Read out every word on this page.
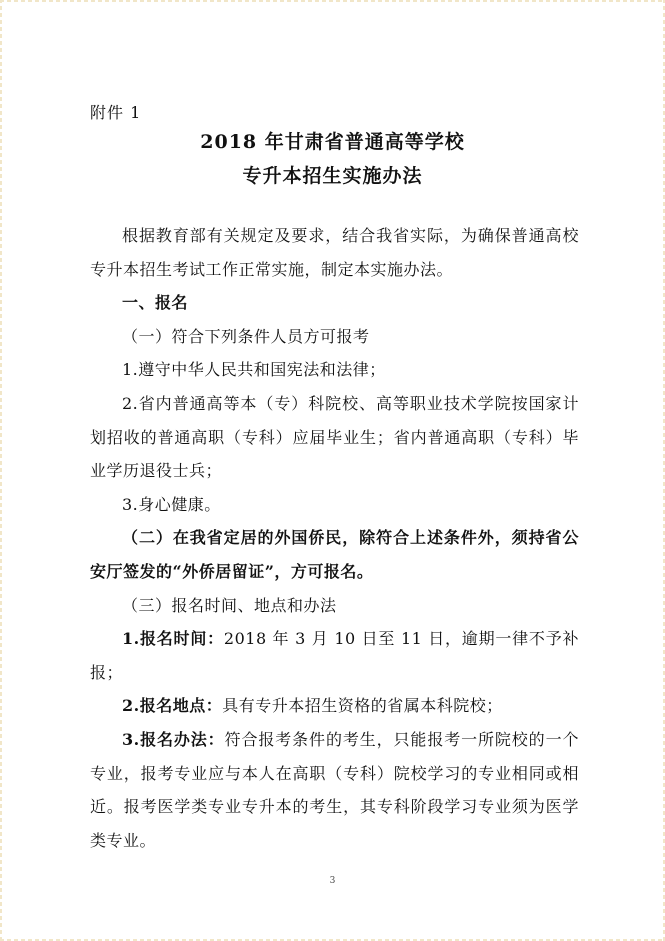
附件 1
2018 年甘肃省普通高等学校
专升本招生实施办法

根据教育部有关规定及要求，结合我省实际，为确保普通高校专升本招生考试工作正常实施，制定本实施办法。

一、报名

（一）符合下列条件人员方可报考

1.遵守中华人民共和国宪法和法律；

2.省内普通高等本（专）科院校、高等职业技术学院按国家计划招收的普通高职（专科）应届毕业生；省内普通高职（专科）毕业学历退役士兵；

3.身心健康。

（二）在我省定居的外国侨民，除符合上述条件外，须持省公安厅签发的“外侨居留证”，方可报名。

（三）报名时间、地点和办法

1.报名时间：2018 年 3 月 10 日至 11 日，逾期一律不予补报；

2.报名地点：具有专升本招生资格的省属本科院校；

3.报名办法：符合报考条件的考生，只能报考一所院校的一个专业，报考专业应与本人在高职（专科）院校学习的专业相同或相近。报考医学类专业专升本的考生，其专科阶段学习专业须为医学类专业。

3
